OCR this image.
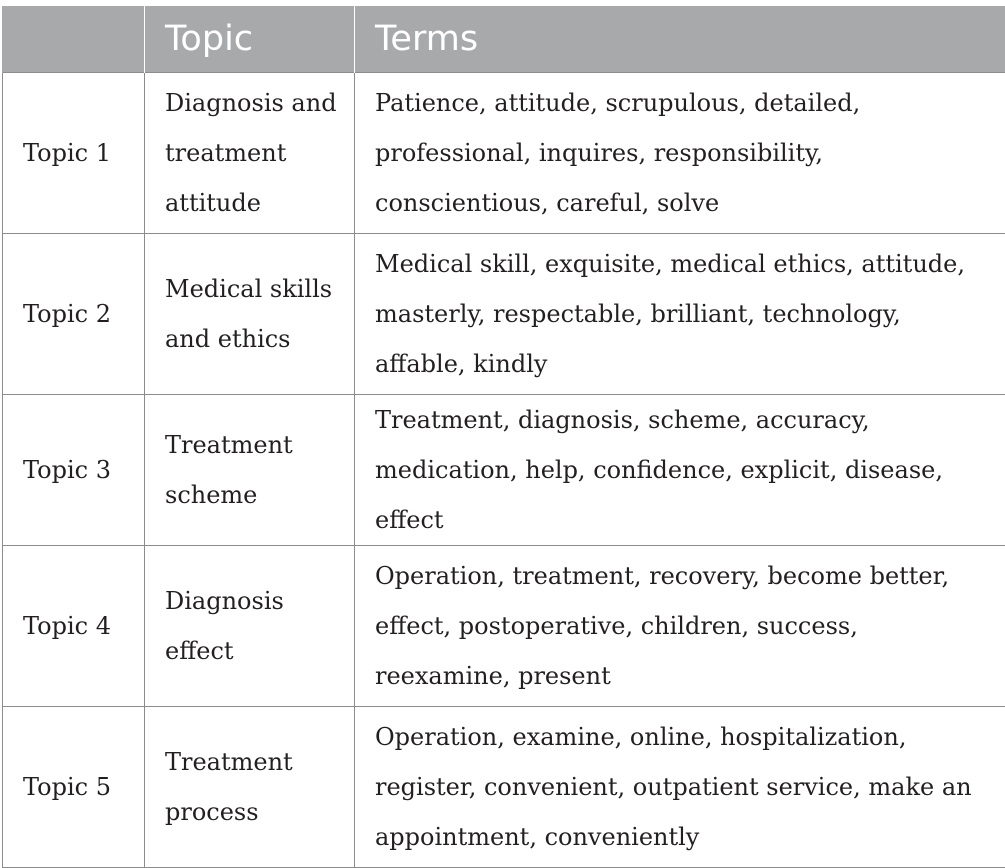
	Topic	Terms
Topic 1	Diagnosis and treatment attitude	Patience, attitude, scrupulous, detailed, professional, inquires, responsibility, conscientious, careful, solve
Topic 2	Medical skills and ethics	Medical skill, exquisite, medical ethics, attitude, masterly, respectable, brilliant, technology, affable, kindly
Topic 3	Treatment scheme	Treatment, diagnosis, scheme, accuracy, medication, help, confidence, explicit, disease, effect
Topic 4	Diagnosis effect	Operation, treatment, recovery, become better, effect, postoperative, children, success, reexamine, present
Topic 5	Treatment process	Operation, examine, online, hospitalization, register, convenient, outpatient service, make an appointment, conveniently
